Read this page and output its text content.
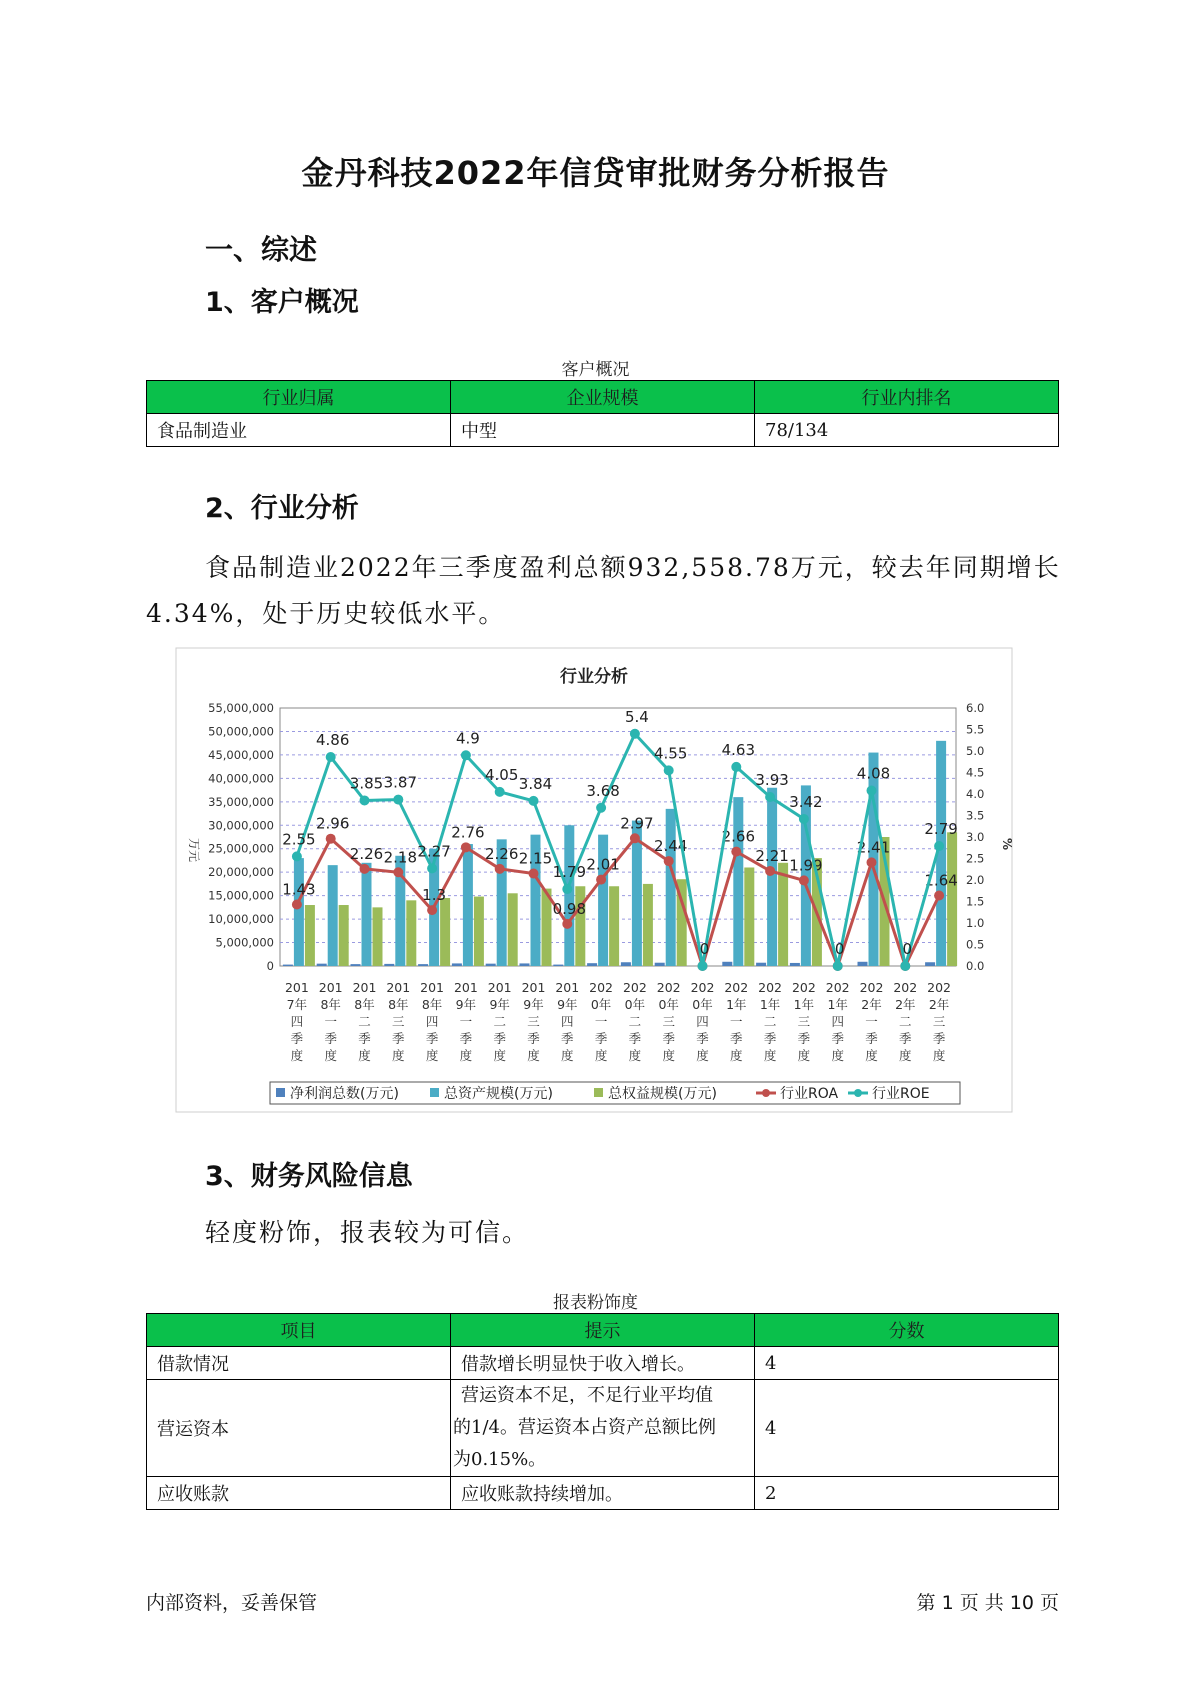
金丹科技2022年信贷审批财务分析报告
一、综述
1、客户概况
客户概况
行业归属	企业规模	行业内排名
食品制造业	中型	78/134
2、行业分析
食品制造业2022年三季度盈利总额932,558.78万元，较去年同期增长
4.34%，处于历史较低水平。
行业分析
55,000,000
50,000,000
45,000,000
40,000,000
35,000,000
30,000,000
25,000,000
20,000,000
15,000,000
10,000,000
5,000,000
0
6.0
5.5
5.0
4.5
4.0
3.5
3.0
2.5
2.0
1.5
1.0
0.5
0.0
万元	%
201
7年
四
季
度
201
8年
一
季
度
201
8年
二
季
度
201
8年
三
季
度
201
8年
四
季
度
201
9年
一
季
度
201
9年
二
季
度
201
9年
三
季
度
201
9年
四
季
度
202
0年
一
季
度
202
0年
二
季
度
202
0年
三
季
度
202
0年
四
季
度
202
1年
一
季
度
202
1年
二
季
度
202
1年
三
季
度
202
1年
四
季
度
202
2年
一
季
度
202
2年
二
季
度
202
2年
三
季
度
1.43
2.96
2.26 2.18
1.3
2.76
2.26 2.15
0.98
2.01
2.97
2.44
2.66
2.21
1.99
2.41
1.64
2.55
4.86
3.85 3.87
2.27
4.9
4.05
3.84
1.79
3.68
5.4
4.55
0
4.63
3.93
3.42
0
4.08
0
2.79
净利润总数(万元)	总资产规模(万元)	总权益规模(万元)	行业ROA 行业ROE
3、财务风险信息
轻度粉饰，报表较为可信。
报表粉饰度
项目	提示	分数
借款情况	借款增长明显快于收入增长。	4
营运资本	营运资本不足，不足行业平均值
的1/4。营运资本占资产总额比例
为0.15%。	4
应收账款	应收账款持续增加。	2
内部资料，妥善保管	第 1 页 共 10 页
